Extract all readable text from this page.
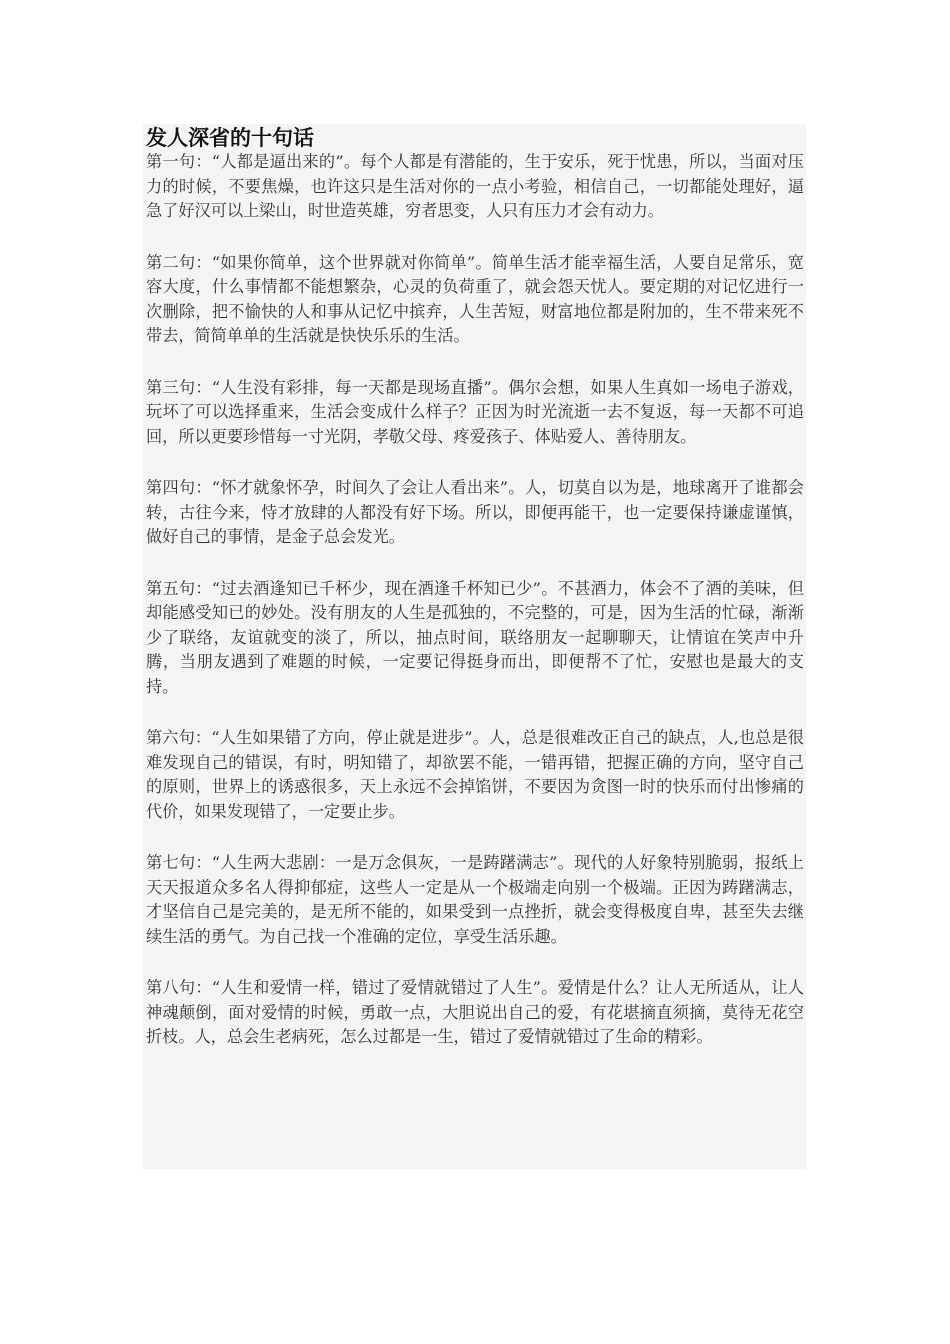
发人深省的十句话

第一句：“人都是逼出来的”。每个人都是有潜能的，生于安乐，死于忧患，所以，当面对压力的时候，不要焦燥，也许这只是生活对你的一点小考验，相信自己，一切都能处理好，逼急了好汉可以上梁山，时世造英雄，穷者思变，人只有压力才会有动力。

第二句：“如果你简单，这个世界就对你简单”。简单生活才能幸福生活，人要自足常乐，宽容大度，什么事情都不能想繁杂，心灵的负荷重了，就会怨天忧人。要定期的对记忆进行一次删除，把不愉快的人和事从记忆中摈弃，人生苦短，财富地位都是附加的，生不带来死不带去，简简单单的生活就是快快乐乐的生活。

第三句：“人生没有彩排，每一天都是现场直播”。偶尔会想，如果人生真如一场电子游戏，玩坏了可以选择重来，生活会变成什么样子？正因为时光流逝一去不复返，每一天都不可追回，所以更要珍惜每一寸光阴，孝敬父母、疼爱孩子、体贴爱人、善待朋友。

第四句：“怀才就象怀孕，时间久了会让人看出来”。人，切莫自以为是，地球离开了谁都会转，古往今来，恃才放肆的人都没有好下场。所以，即便再能干，也一定要保持谦虚谨慎，做好自己的事情，是金子总会发光。

第五句：“过去酒逢知已千杯少，现在酒逢千杯知已少”。不甚酒力，体会不了酒的美味，但却能感受知已的妙处。没有朋友的人生是孤独的，不完整的，可是，因为生活的忙碌，渐渐少了联络，友谊就变的淡了，所以，抽点时间，联络朋友一起聊聊天，让情谊在笑声中升腾，当朋友遇到了难题的时候，一定要记得挺身而出，即便帮不了忙，安慰也是最大的支持。

第六句：“人生如果错了方向，停止就是进步”。人，总是很难改正自己的缺点，人,也总是很难发现自己的错误，有时，明知错了，却欲罢不能，一错再错，把握正确的方向，坚守自己的原则，世界上的诱惑很多，天上永远不会掉馅饼，不要因为贪图一时的快乐而付出惨痛的代价，如果发现错了，一定要止步。

第七句：“人生两大悲剧：一是万念俱灰，一是踌躇满志”。现代的人好象特别脆弱，报纸上天天报道众多名人得抑郁症，这些人一定是从一个极端走向别一个极端。正因为踌躇满志，才坚信自己是完美的，是无所不能的，如果受到一点挫折，就会变得极度自卑，甚至失去继续生活的勇气。为自己找一个准确的定位，享受生活乐趣。

第八句：“人生和爱情一样，错过了爱情就错过了人生”。爱情是什么？让人无所适从，让人神魂颠倒，面对爱情的时候，勇敢一点，大胆说出自己的爱，有花堪摘直须摘，莫待无花空折枝。人，总会生老病死，怎么过都是一生，错过了爱情就错过了生命的精彩。
